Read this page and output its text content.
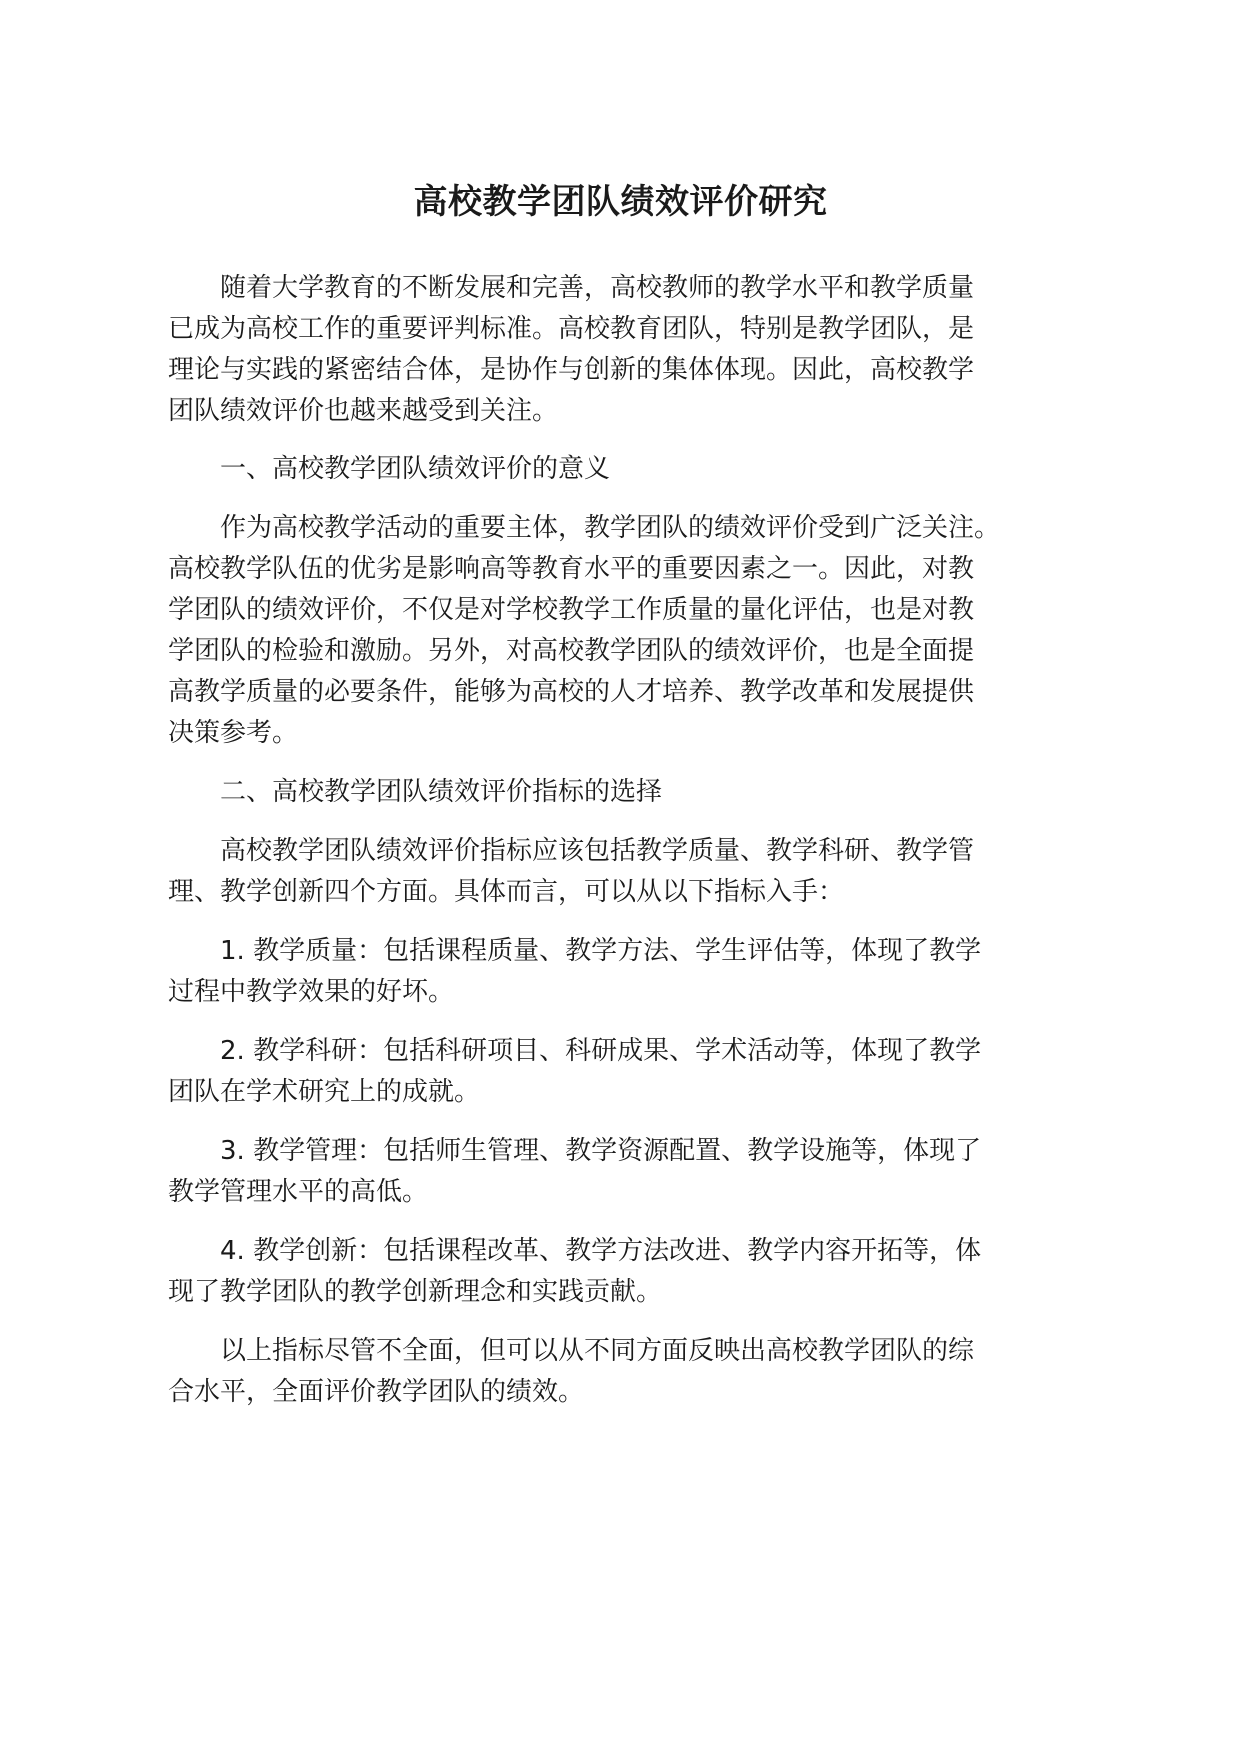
高校教学团队绩效评价研究
随着大学教育的不断发展和完善，高校教师的教学水平和教学质量
已成为高校工作的重要评判标准。高校教育团队，特别是教学团队，是
理论与实践的紧密结合体，是协作与创新的集体体现。因此，高校教学
团队绩效评价也越来越受到关注。
一、高校教学团队绩效评价的意义
作为高校教学活动的重要主体，教学团队的绩效评价受到广泛关注。
高校教学队伍的优劣是影响高等教育水平的重要因素之一。因此，对教
学团队的绩效评价，不仅是对学校教学工作质量的量化评估，也是对教
学团队的检验和激励。另外，对高校教学团队的绩效评价，也是全面提
高教学质量的必要条件，能够为高校的人才培养、教学改革和发展提供
决策参考。
二、高校教学团队绩效评价指标的选择
高校教学团队绩效评价指标应该包括教学质量、教学科研、教学管
理、教学创新四个方面。具体而言，可以从以下指标入手：
1. 教学质量：包括课程质量、教学方法、学生评估等，体现了教学
过程中教学效果的好坏。
2. 教学科研：包括科研项目、科研成果、学术活动等，体现了教学
团队在学术研究上的成就。
3. 教学管理：包括师生管理、教学资源配置、教学设施等，体现了
教学管理水平的高低。
4. 教学创新：包括课程改革、教学方法改进、教学内容开拓等，体
现了教学团队的教学创新理念和实践贡献。
以上指标尽管不全面，但可以从不同方面反映出高校教学团队的综
合水平，全面评价教学团队的绩效。
